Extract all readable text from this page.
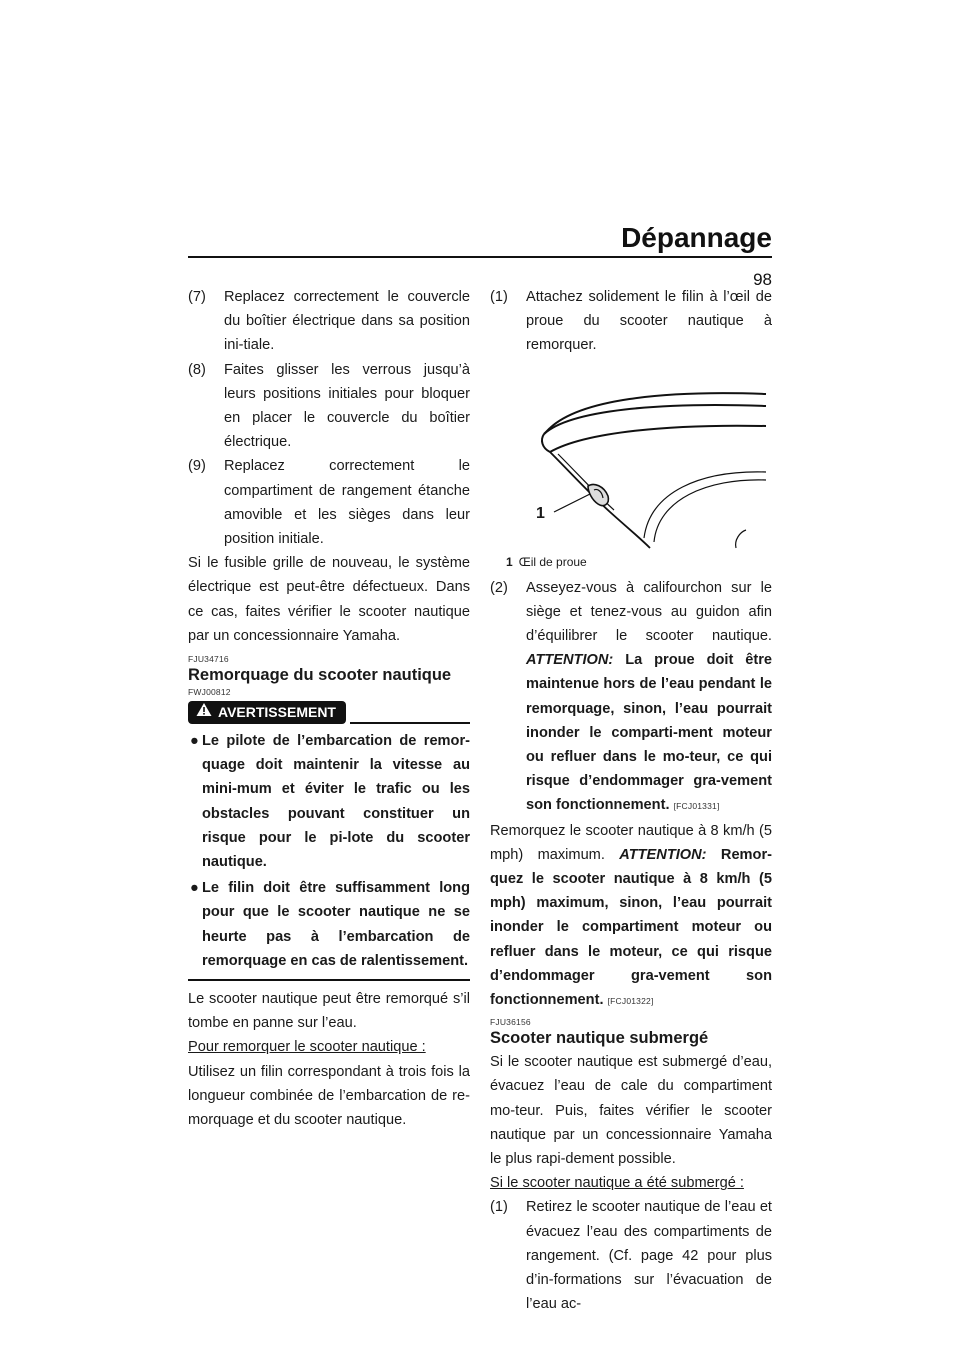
Dépannage
98
(7) Replacez correctement le couvercle du boîtier électrique dans sa position ini-tiale.
(8) Faites glisser les verrous jusqu’à leurs positions initiales pour bloquer en placer le couvercle du boîtier électrique.
(9) Replacez correctement le compartiment de rangement étanche amovible et les sièges dans leur position initiale.

Si le fusible grille de nouveau, le système électrique est peut-être défectueux. Dans ce cas, faites vérifier le scooter nautique par un concessionnaire Yamaha.

FJU34716
Remorquage du scooter nautique
FWJ00812
AVERTISSEMENT
● Le pilote de l’embarcation de remor-quage doit maintenir la vitesse au mini-mum et éviter le trafic ou les obstacles pouvant constituer un risque pour le pi-lote du scooter nautique.
● Le filin doit être suffisamment long pour que le scooter nautique ne se heurte pas à l’embarcation de remorquage en cas de ralentissement.

Le scooter nautique peut être remorqué s’il tombe en panne sur l’eau.

Pour remorquer le scooter nautique :

Utilisez un filin correspondant à trois fois la longueur combinée de l’embarcation de re-morquage et du scooter nautique.

(1) Attachez solidement le filin à l’œil de proue du scooter nautique à remorquer.
1
1 Œil de proue
(2) Asseyez-vous à califourchon sur le siège et tenez-vous au guidon afin d’équilibrer le scooter nautique. ATTENTION: La proue doit être maintenue hors de l’eau pendant le remorquage, sinon, l’eau pourrait inonder le comparti-ment moteur ou refluer dans le mo-teur, ce qui risque d’endommager gra-vement son fonctionnement. [FCJ01331]

Remorquez le scooter nautique à 8 km/h (5 mph) maximum. ATTENTION: Remor-quez le scooter nautique à 8 km/h (5 mph) maximum, sinon, l’eau pourrait inonder le compartiment moteur ou refluer dans le moteur, ce qui risque d’endommager gra-vement son fonctionnement. [FCJ01322]

FJU36156
Scooter nautique submergé

Si le scooter nautique est submergé d’eau, évacuez l’eau de cale du compartiment mo-teur. Puis, faites vérifier le scooter nautique par un concessionnaire Yamaha le plus rapi-dement possible.

Si le scooter nautique a été submergé :

(1) Retirez le scooter nautique de l’eau et évacuez l’eau des compartiments de rangement. (Cf. page 42 pour plus d’in-formations sur l’évacuation de l’eau ac-
